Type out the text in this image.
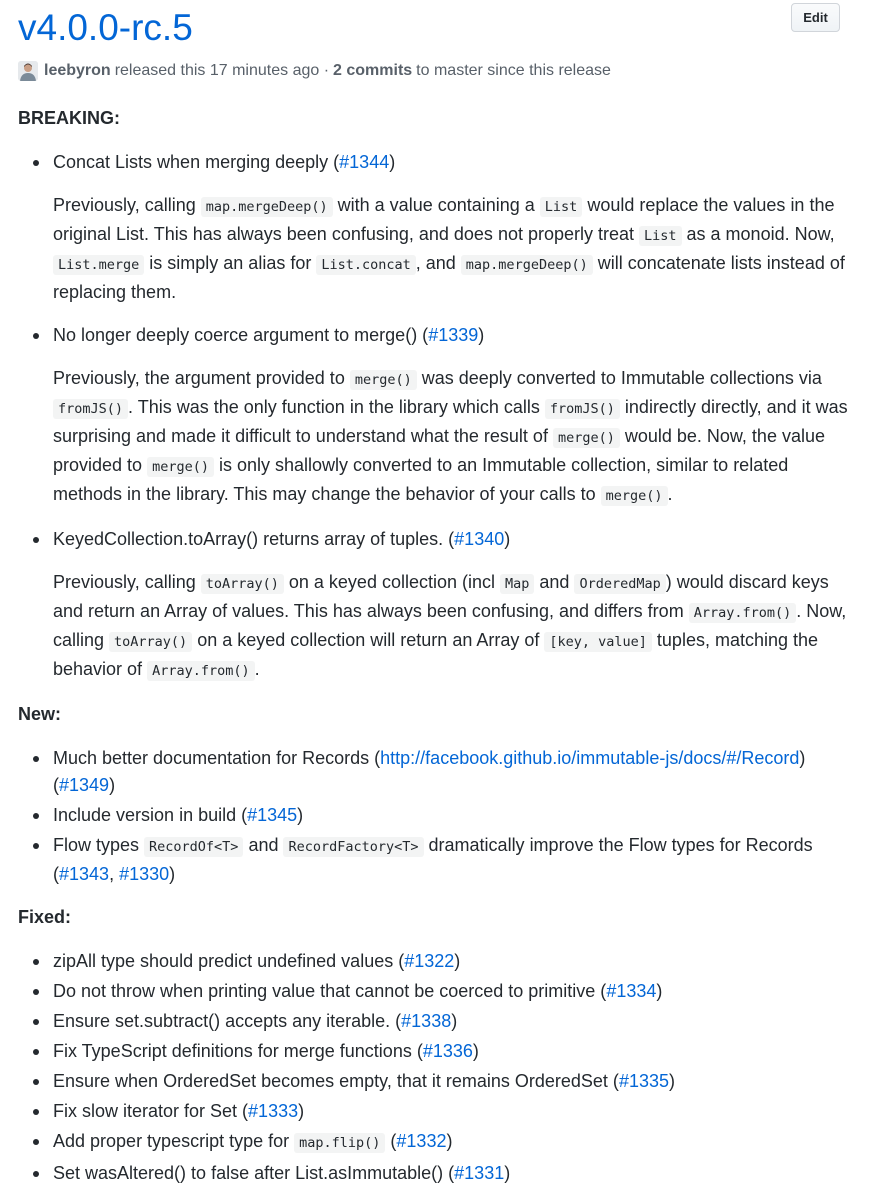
v4.0.0-rc.5	Edit
leebyron released this 17 minutes ago · 2 commits to master since this release
BREAKING:
Concat Lists when merging deeply (#1344)

Previously, calling map.mergeDeep() with a value containing a List would replace the values in the original List. This has always been confusing, and does not properly treat List as a monoid. Now, List.merge is simply an alias for List.concat , and map.mergeDeep() will concatenate lists instead of replacing them.

No longer deeply coerce argument to merge() (#1339)

Previously, the argument provided to merge() was deeply converted to Immutable collections via fromJS() . This was the only function in the library which calls fromJS() indirectly directly, and it was surprising and made it difficult to understand what the result of merge() would be. Now, the value provided to merge() is only shallowly converted to an Immutable collection, similar to related methods in the library. This may change the behavior of your calls to merge() .

KeyedCollection.toArray() returns array of tuples. (#1340)

Previously, calling toArray() on a keyed collection (incl Map and OrderedMap ) would discard keys and return an Array of values. This has always been confusing, and differs from Array.from() . Now, calling toArray() on a keyed collection will return an Array of [key, value] tuples, matching the behavior of Array.from() .

New:
Much better documentation for Records (http://facebook.github.io/immutable-js/docs/#/Record) (#1349)
Include version in build (#1345)
Flow types RecordOf<T> and RecordFactory<T> dramatically improve the Flow types for Records (#1343, #1330)
Fixed:
zipAll type should predict undefined values (#1322)
Do not throw when printing value that cannot be coerced to primitive (#1334)
Ensure set.subtract() accepts any iterable. (#1338)
Fix TypeScript definitions for merge functions (#1336)
Ensure when OrderedSet becomes empty, that it remains OrderedSet (#1335)
Fix slow iterator for Set (#1333)
Add proper typescript type for map.flip() (#1332)
Set wasAltered() to false after List.asImmutable() (#1331)
